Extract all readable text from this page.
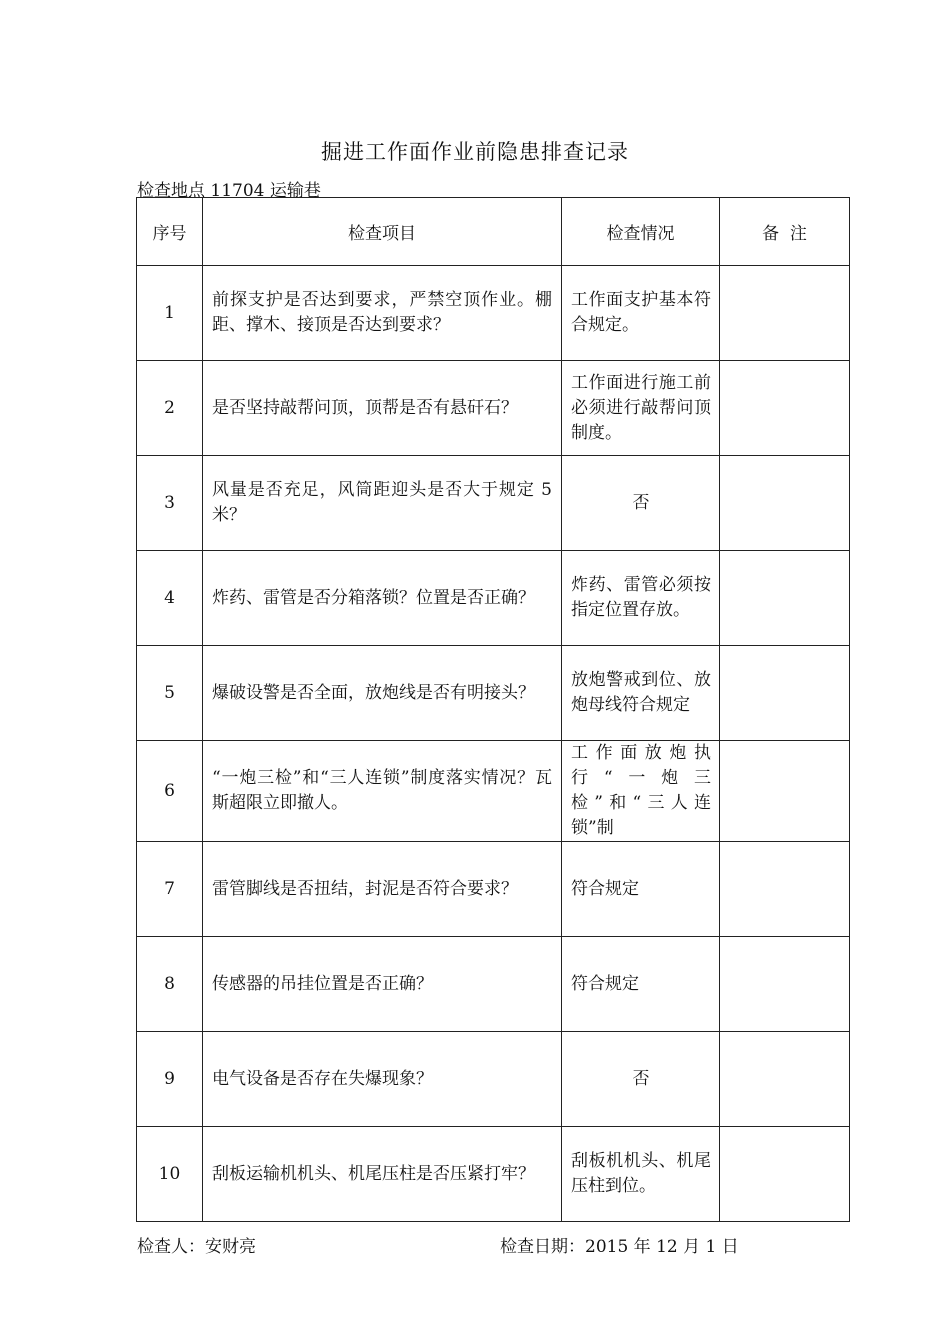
掘进工作面作业前隐患排查记录
检查地点 11704 运输巷
序号	检查项目	检查情况	备  注
1	前探支护是否达到要求，严禁空顶作业。棚距、撑木、接顶是否达到要求？	工作面支护基本符合规定。	
2	是否坚持敲帮问顶，顶帮是否有悬矸石？	工作面进行施工前必须进行敲帮问顶制度。	
3	风量是否充足，风筒距迎头是否大于规定 5 米？	否	
4	炸药、雷管是否分箱落锁？位置是否正确？	炸药、雷管必须按指定位置存放。	
5	爆破设警是否全面，放炮线是否有明接头？	放炮警戒到位、放炮母线符合规定	
6	“一炮三检”和“三人连锁”制度落实情况？瓦斯超限立即撤人。	工作面放炮执行“一炮三检”和“三人连锁”制	
7	雷管脚线是否扭结，封泥是否符合要求？	符合规定	
8	传感器的吊挂位置是否正确？	符合规定	
9	电气设备是否存在失爆现象？	否	
10	刮板运输机机头、机尾压柱是否压紧打牢？	刮板机机头、机尾压柱到位。	
检查人：安财亮	检查日期：2015 年 12 月 1 日
